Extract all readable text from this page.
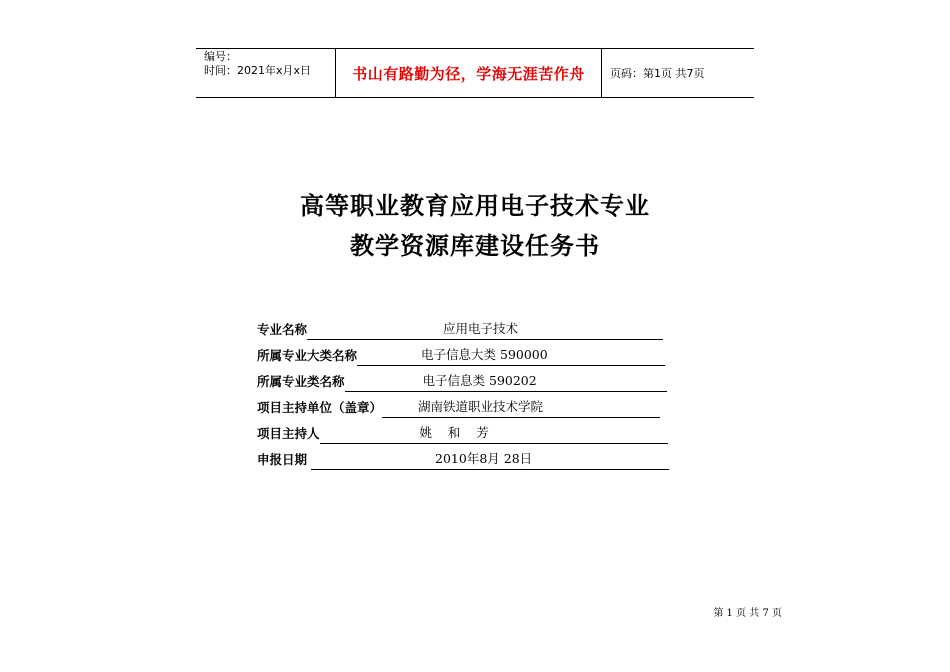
编号：
时间：2021年x月x日	书山有路勤为径，学海无涯苦作舟	页码：第1页 共7页
高等职业教育应用电子技术专业
教学资源库建设任务书
专业名称	应用电子技术
所属专业大类名称	电子信息大类 590000
所属专业类名称	电子信息类 590202
项目主持单位（盖章）	湖南铁道职业技术学院
项目主持人	姚    和    芳
申报日期	2010年8月 28日
第 1 页 共 7 页
